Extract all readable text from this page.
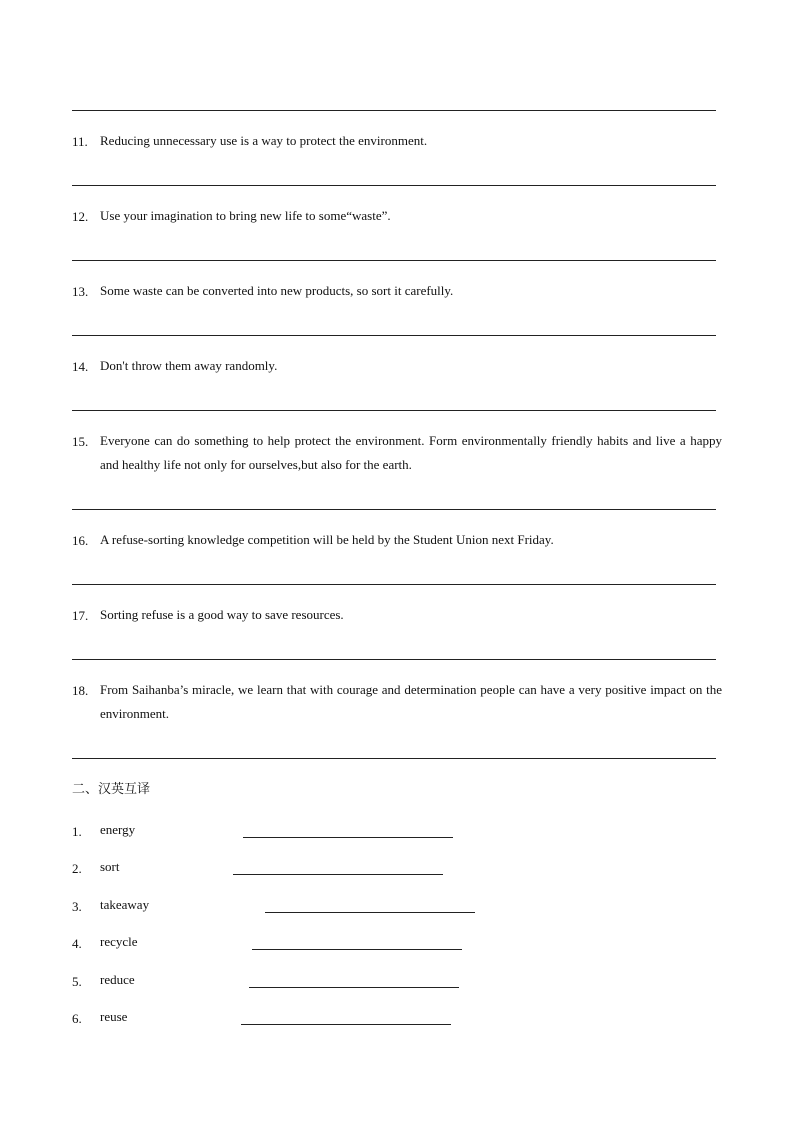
11. Reducing unnecessary use is a way to protect the environment.
12. Use your imagination to bring new life to some“waste”.
13. Some waste can be converted into new products, so sort it carefully.
14. Don't throw them away randomly.
15. Everyone can do something to help protect the environment. Form environmentally friendly habits and live a happy and healthy life not only for ourselves,but also for the earth.
16. A refuse-sorting knowledge competition will be held by the Student Union next Friday.
17. Sorting refuse is a good way to save resources.
18. From Saihanba’s miracle, we learn that with courage and determination people can have a very positive impact on the environment.
二、汉英互译
1. energy
2. sort
3. takeaway
4. recycle
5. reduce
6. reuse
